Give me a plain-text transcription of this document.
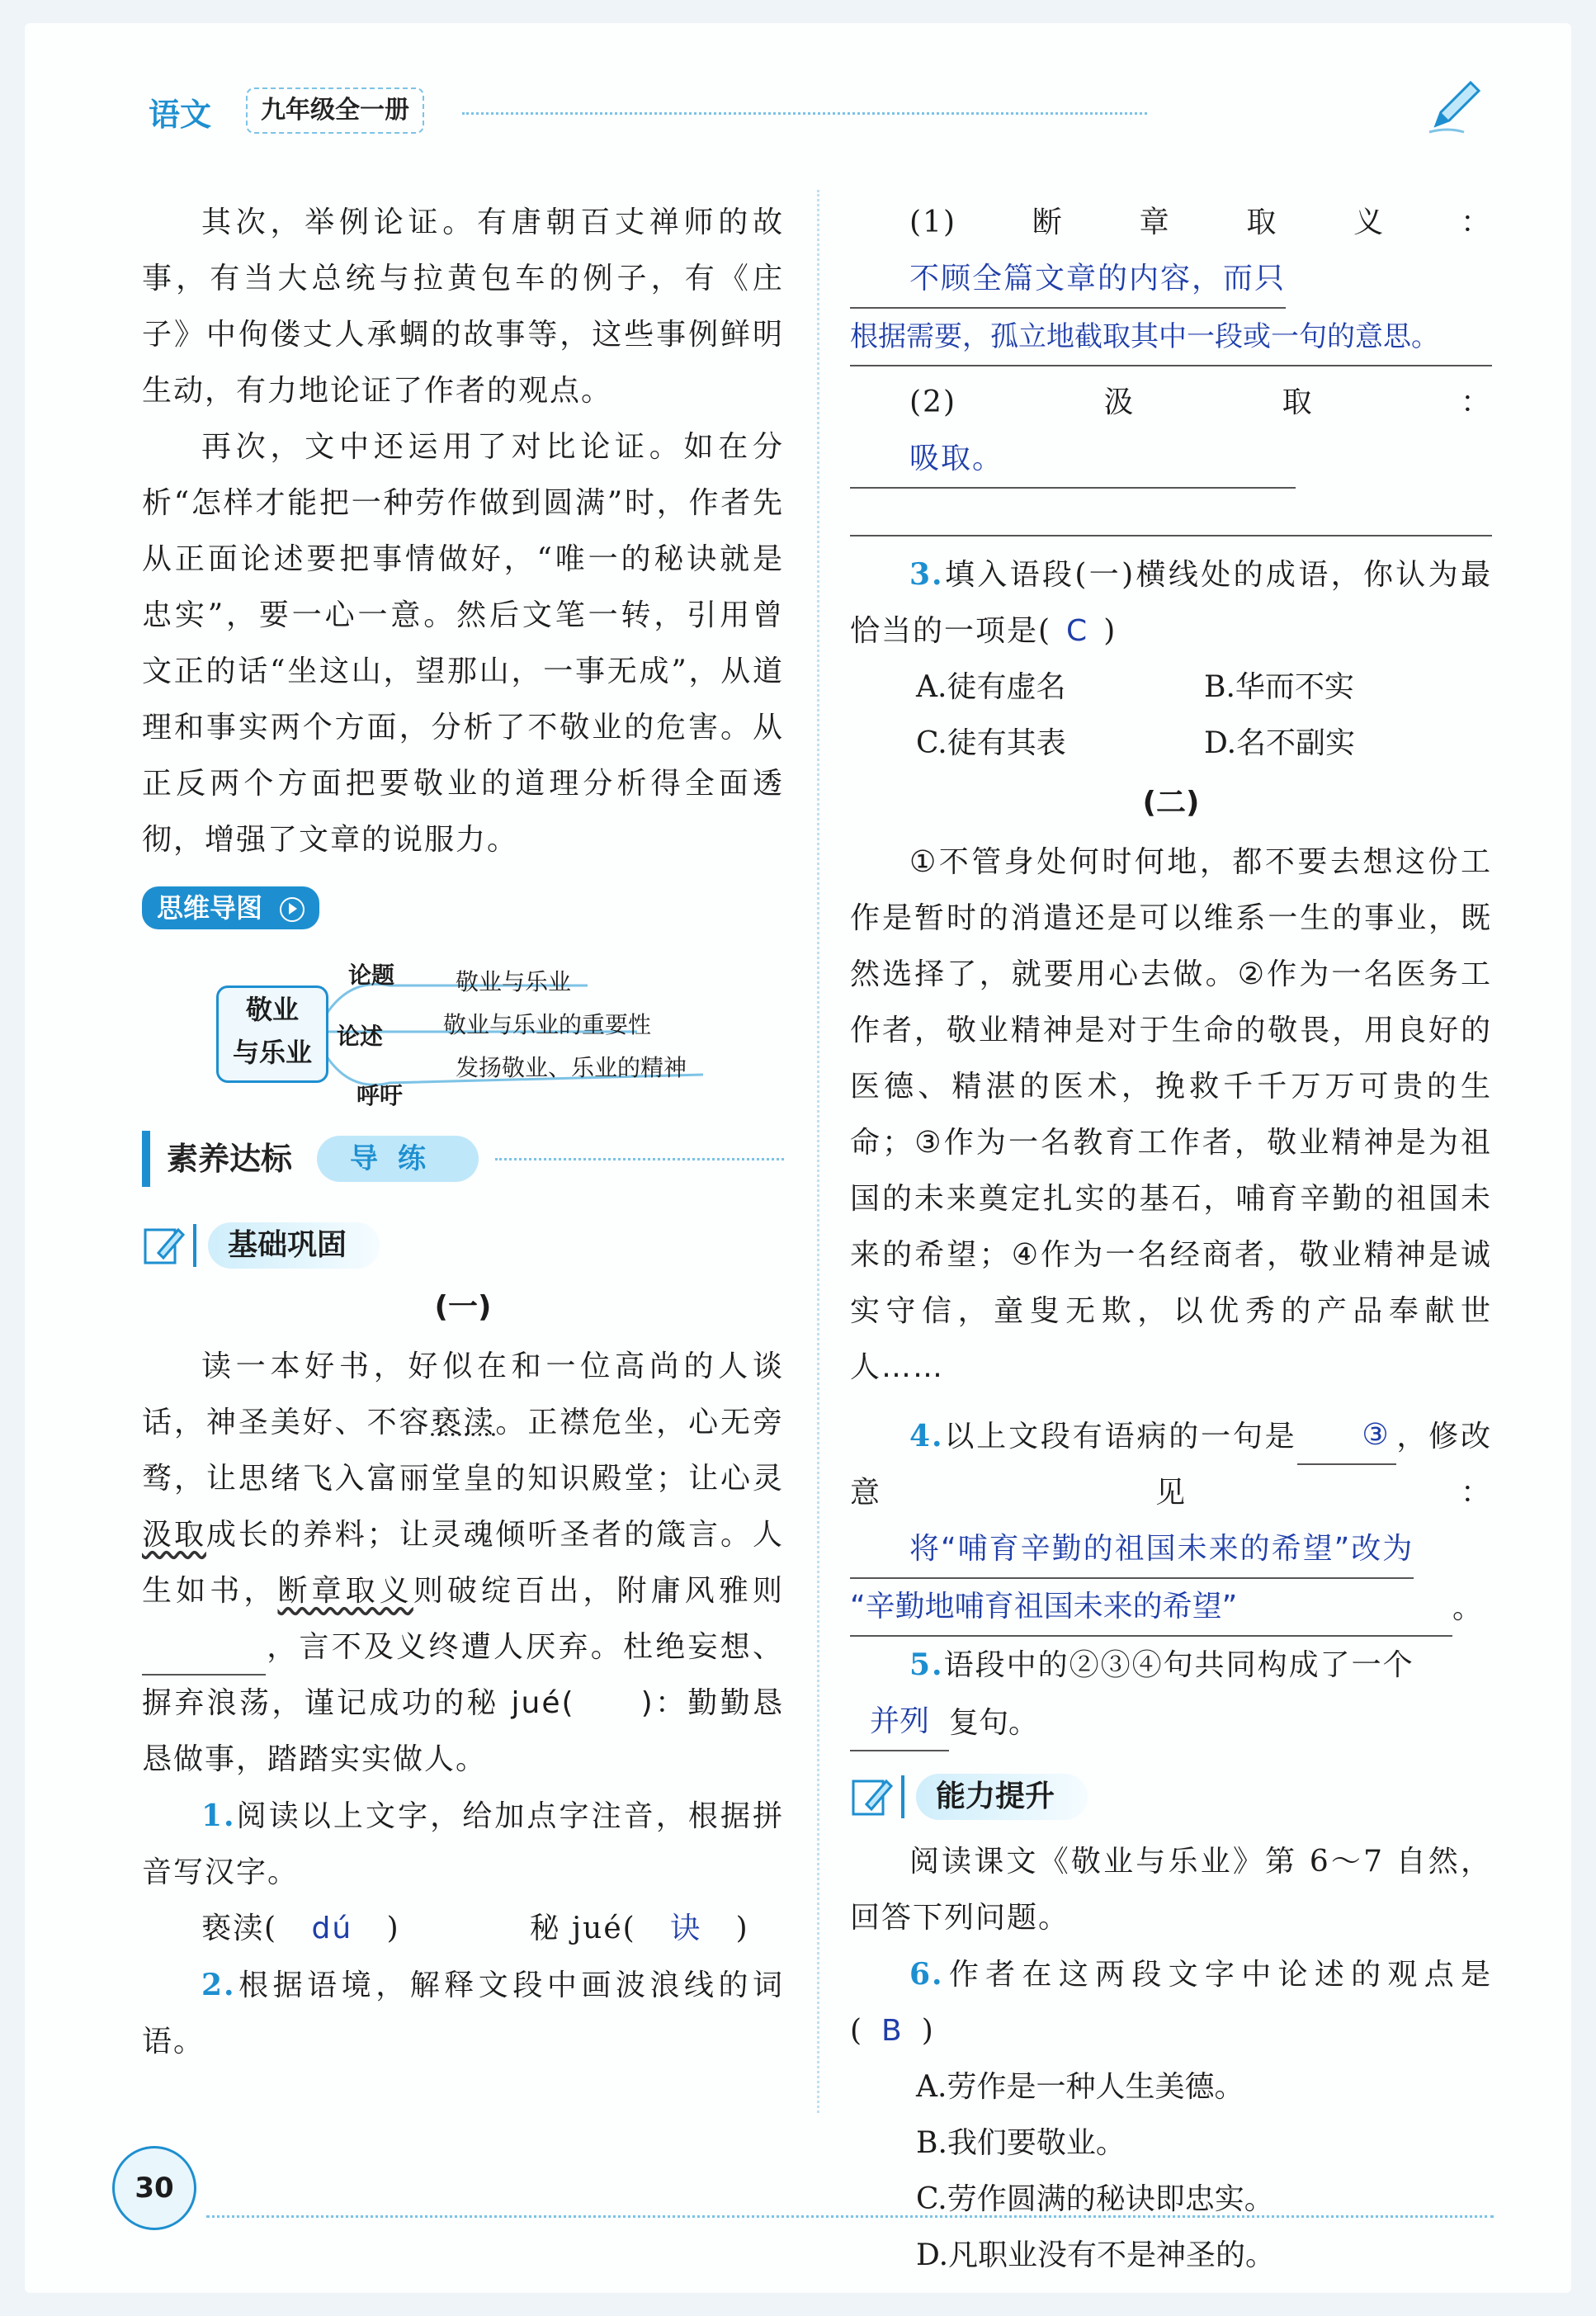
语文	九年级全一册

其次，举例论证。有唐朝百丈禅师的故事，有当大总统与拉黄包车的例子，有《庄子》中佝偻丈人承蜩的故事等，这些事例鲜明生动，有力地论证了作者的观点。

再次，文中还运用了对比论证。如在分析“怎样才能把一种劳作做到圆满”时，作者先从正面论述要把事情做好，“唯一的秘诀就是忠实”，要一心一意。然后文笔一转，引用曾文正的话“坐这山，望那山，一事无成”，从道理和事实两个方面，分析了不敬业的危害。从正反两个方面把要敬业的道理分析得全面透彻，增强了文章的说服力。

思维导图
敬业
与乐业
论题	敬业与乐业
论述	敬业与乐业的重要性
呼吁
发扬敬业、乐业的精神
素养达标	导练
基础巩固
(一)

读一本好书，好似在和一位高尚的人谈话，神圣美好、不容亵渎。正襟危坐，心无旁骛，让思绪飞入富丽堂皇的知识殿堂；让心灵汲取成长的养料；让灵魂倾听圣者的箴言。人生如书，断章取义则破绽百出，附庸风雅则，言不及义终遭人厌弃。杜绝妄想、摒弃浪荡，谨记成功的秘 jué(　　)：勤勤恳恳做事，踏踏实实做人。

1.阅读以上文字，给加点字注音，根据拼音写汉字。

亵渎( dú )	秘 jué( 诀 )

2.根据语境，解释文段中画波浪线的词语。

(1)断章取义：不顾全篇文章的内容，而只

根据需要，孤立地截取其中一段或一句的意思。

(2)汲取：吸取。

3.填入语段(一)横线处的成语，你认为最恰当的一项是( C )

A.徒有虚名	B.华而不实
C.徒有其表	D.名不副实
(二)

①不管身处何时何地，都不要去想这份工作是暂时的消遣还是可以维系一生的事业，既然选择了，就要用心去做。②作为一名医务工作者，敬业精神是对于生命的敬畏，用良好的医德、精湛的医术，挽救千千万万可贵的生命；③作为一名教育工作者，敬业精神是为祖国的未来奠定扎实的基石，哺育辛勤的祖国未来的希望；④作为一名经商者，敬业精神是诚实守信，童叟无欺，以优秀的产品奉献世人……

4.以上文段有语病的一句是 ③ ，修改意见：将“哺育辛勤的祖国未来的希望”改为

“辛勤地哺育祖国未来的希望”	。

5.语段中的②③④句共同构成了一个

并列 复句。
能力提升

阅读课文《敬业与乐业》第 6～7 自然，回答下列问题。

6.作者在这两段文字中论述的观点是( B )

A.劳作是一种人生美德。
B.我们要敬业。
C.劳作圆满的秘诀即忠实。
D.凡职业没有不是神圣的。
30
